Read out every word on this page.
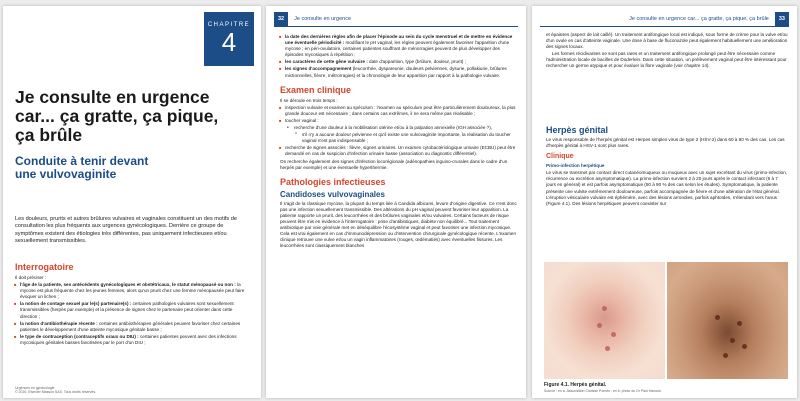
CHAPITRE
4
Je consulte en urgence
car... ça gratte, ça pique,
ça brûle
Conduite à tenir devant
une vulvovaginite
Les douleurs, prurits et autres brûlures vulvaires et vaginales constituent un des motifs de consultation les plus fréquents aux urgences gynécologiques. Derrière ce groupe de symptômes existent des étiologies très différentes, pas uniquement infectieuses et/ou sexuellement transmissibles.
Interrogatoire
Il doit préciser :
■ l'âge de la patiente, ses antécédents gynécologiques et obstétricaux, le statut ménopausé ou non : la mycose est plus fréquente chez les jeunes femmes, alors qu'un prurit chez une femme ménopausée peut faire évoquer un lichen ;
■ la notion de contage sexuel par le(s) partenaire(s) : certaines pathologies vulvaires sont sexuellement transmissibles (herpès par exemple) et la présence de signes chez le partenaire peut orienter dans cette direction ;
■ la notion d'antibiothérapie récente : certaines antibiothérapies générales peuvent favoriser chez certaines patientes le développement d'une atteinte mycosique génitale basse ;
■ le type de contraception (contraceptifs oraux ou DIU) : certaines patientes peuvent avec des infections mycosiques génitales basses favorisées par le port d'un DIU ;
Urgences en gynécologie
© 2020, Elsevier Masson SAS. Tous droits réservés.
32 Je consulte en urgence
■ la date des dernières règles afin de placer l'épisode au sein du cycle menstruel et de mettre en évidence une éventuelle périodicité : modifiant le pH vaginal, les règles peuvent également favoriser l'apparition d'une mycose ; en péri-ovulatoire, certaines patientes souffrant de ménorragies peuvent de plus développer des épisodes mycosiques à répétition ;
■ les caractères de cette gêne vulvaire : date d'apparition, type (brûlure, douleur, prurit) ;
■ les signes d'accompagnement (leucorrhée, dyspareunie, douleurs pelviennes, dysurie, pollakiurie, brûlures mictionnelles, fièvre, métrorragies) et la chronologie de leur apparition par rapport à la pathologie vulvaire.
Examen clinique
Il se déroule en trois temps :
■ inspection vulvaire et examen au spéculum : l'examen au spéculum peut être particulièrement douloureux, la plus grande douceur est nécessaire ; dans certains cas extrêmes, il ne sera même pas réalisable ;
■ toucher vaginal :
• recherche d'une douleur à la mobilisation utérine et/ou à la palpation annexielle (IGH associée ?),
° s'il n'y a aucune douleur pelvienne et qu'il existe une vulvovaginite importante, la réalisation du toucher vaginal n'est pas indispensable ;
■ recherche de signes associés : fièvre, signes urinaires. Un examen cytobactériologique urinaire (ECBU) peut être demandé en cas de suspicion d'infection urinaire basse (association ou diagnostic différentiel).
On recherche également des signes d'infection locorégionale (adénopathies inguino-crurales dans le cadre d'un herpès par exemple) et une éventuelle hyperthermie.
Pathologies infectieuses
Candidoses vulvovaginales
Il s'agit de la classique mycose, la plupart du temps liée à Candida albicans, levure d'origine digestive. Ce n'est donc pas une infection sexuellement transmissible. Des altérations du pH vaginal peuvent favoriser leur apparition. La patiente rapporte un prurit, des leucorrhées et des brûlures vaginales et/ou vulvaires. Certains facteurs de risque peuvent être mis en évidence à l'interrogatoire : prise d'antibiotiques, diabète non équilibré... Tout traitement antibiotique par voie générale met en déséquilibre l'écosystème vaginal et peut favoriser une infection mycosique. Cela est vrai également en cas d'immunodépression ou d'intervention chirurgicale gynécologique récente. L'examen clinique retrouve une vulve et/ou un vagin inflammatoires (rouges, œdématiés) avec éventuelles fissures. Les leucorrhées sont classiquement blanches
Je consulte en urgence car... ça gratte, ça pique, ça brûle 33
et épaisses (aspect de lait caillé). Un traitement antifongique local est indiqué, sous forme de crème pour la vulve et/ou d'un ovule en cas d'atteinte vaginale. Une dose à base de fluconazole peut également habituellement une amélioration des signes locaux.
Les formes récidivantes ne sont pas rares et un traitement antifongique prolongé peut être nécessaire comme l'administration locale de bacilles de Doderlein. Dans cette situation, un prélèvement vaginal peut être intéressant pour rechercher un germe atypique et pour évaluer la flore vaginale (voir chapitre 14).
Herpès génital
Le virus responsable de l'herpès génital est Herpes simplex virus de type 2 (HSV-2) dans 60 à 80 % des cas. Les cas d'herpès génital à HSV-1 sont plus rares.
Clinique
Primo-infection herpétique
Le virus se transmet par contact direct cutanéomuqueux ou muqueux avec un sujet excrétant du virus (primo-infection, récurrence ou excrétion asymptomatique). La primo-infection survient 2 à 20 jours après le contact infectant (6 à 7 jours en général) et est parfois asymptomatique (50 à 90 % des cas selon les études). Symptomatique, la patiente présente une vulvite extrêmement douloureuse, parfois accompagnée de fièvre et d'une altération de l'état général. L'éruption vésiculaire vulvaire est éphémère, avec des lésions arrondies, parfois aphtoïdes, s'étendant vers l'anus (Figure 4.1). Des lésions herpétiques peuvent coexister sur
Figure 4.1. Herpès génital.
Source : en a. Association Clarisse Pomès ; en b. photo du Dr Paul Hanouk.
